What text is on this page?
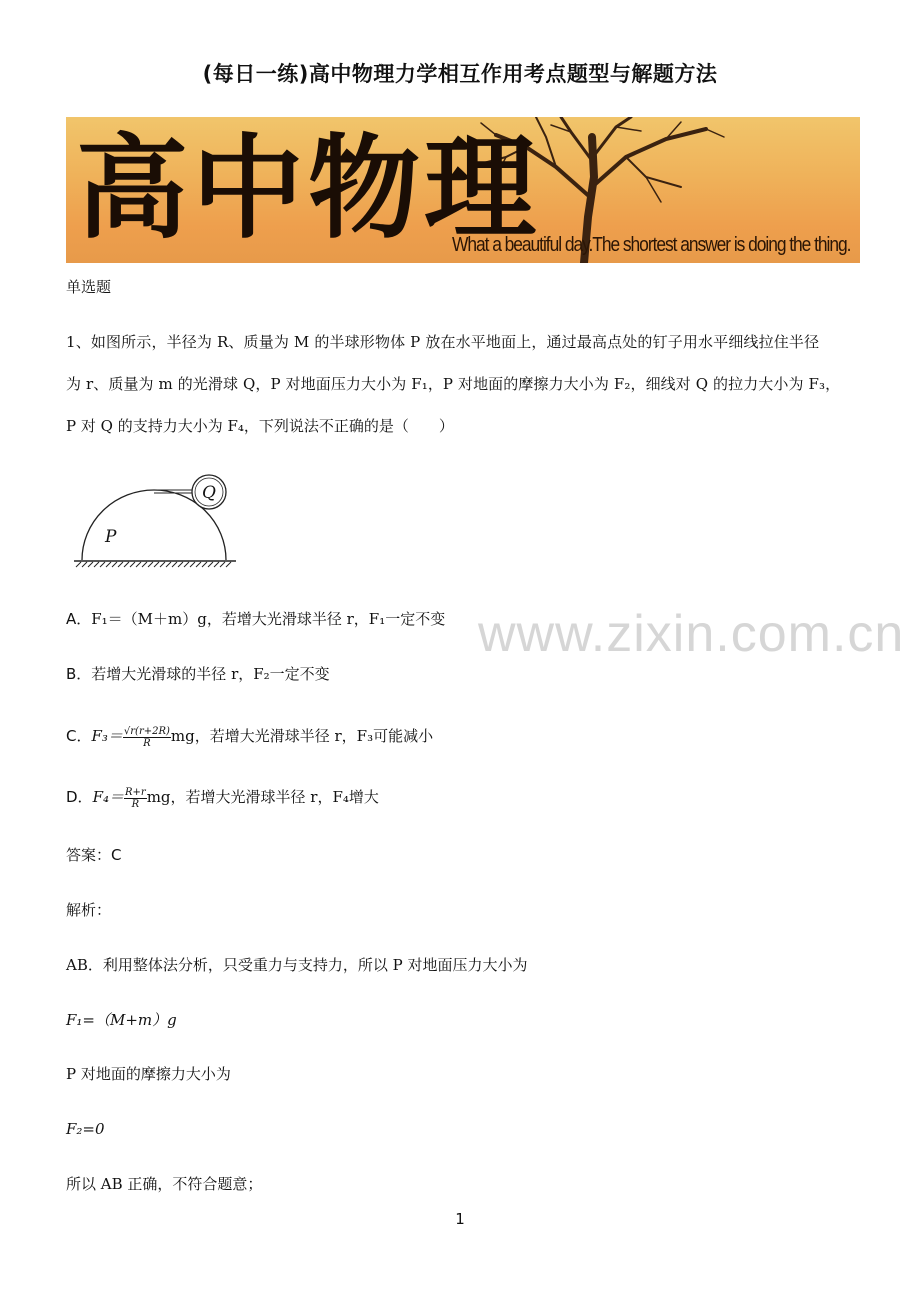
(每日一练)高中物理力学相互作用考点题型与解题方法
高中物理
What a beautiful day.The shortest answer is doing the thing.
单选题
1、如图所示，半径为 R、质量为 M 的半球形物体 P 放在水平地面上，通过最高点处的钉子用水平细线拉住半径
为 r、质量为 m 的光滑球 Q，P 对地面压力大小为 F₁，P 对地面的摩擦力大小为 F₂，细线对 Q 的拉力大小为 F₃，
P 对 Q 的支持力大小为 F₄，下列说法不正确的是（　　）
P
Q
www.zixin.com.cn
A．F₁＝（M＋m）g，若增大光滑球半径 r，F₁一定不变
B．若增大光滑球的半径 r，F₂一定不变
C．$F_3= \frac{√r(r+2R)}{R}$ mg，若增大光滑球半径 r，F₃可能减小
D．$F_4= \frac{R+r}{R}$ mg，若增大光滑球半径 r，F₄增大
答案：C
解析：
AB．利用整体法分析，只受重力与支持力，所以 P 对地面压力大小为
F₁=（M+m）g
P 对地面的摩擦力大小为
F₂=0
所以 AB 正确，不符合题意；
1
